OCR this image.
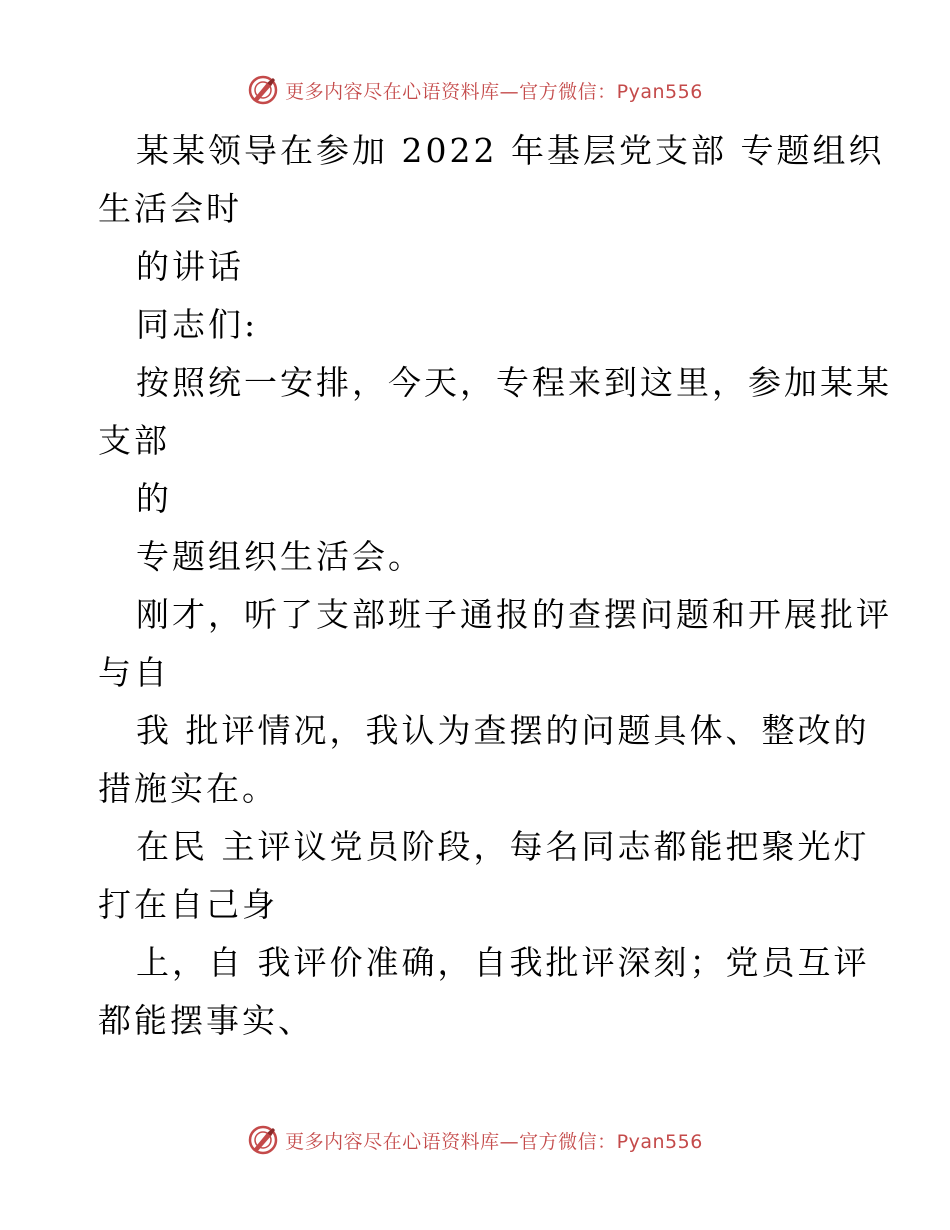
更多内容尽在心语资料库—官方微信：Pyan556
某某领导在参加 2022 年基层党支部 专题组织
生活会时
的讲话
同志们:
按照统一安排，今天，专程来到这里，参加某某
支部
的
专题组织生活会。
刚才，听了支部班子通报的查摆问题和开展批评
与自
我 批评情况，我认为查摆的问题具体、整改的
措施实在。
在民 主评议党员阶段，每名同志都能把聚光灯
打在自己身
上，自 我评价准确，自我批评深刻；党员互评
都能摆事实、
更多内容尽在心语资料库—官方微信：Pyan556
